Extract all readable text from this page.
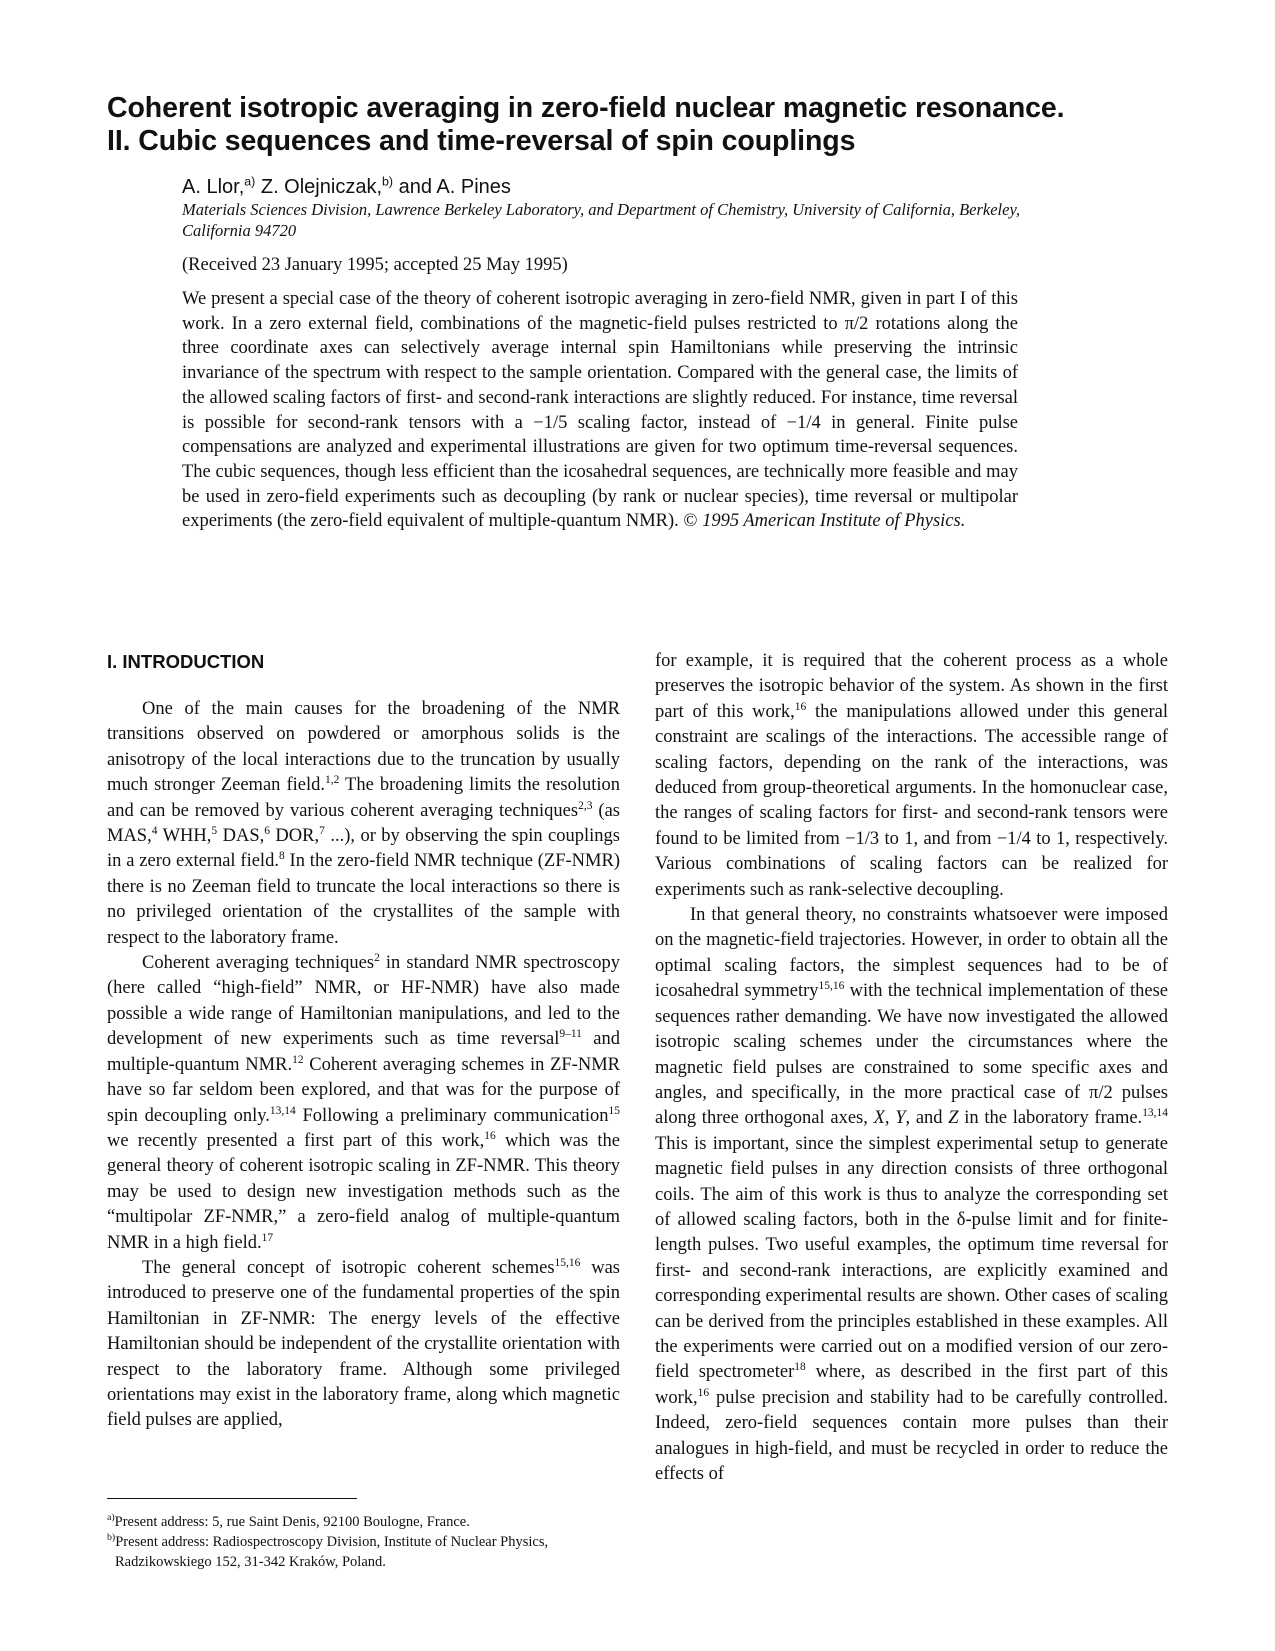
Coherent isotropic averaging in zero-field nuclear magnetic resonance.
II. Cubic sequences and time-reversal of spin couplings
A. Llor,$^{a)}$ Z. Olejniczak,$^{b)}$ and A. Pines
Materials Sciences Division, Lawrence Berkeley Laboratory, and Department of Chemistry, University of California, Berkeley, California 94720
(Received 23 January 1995; accepted 25 May 1995)

We present a special case of the theory of coherent isotropic averaging in zero-field NMR, given in part I of this work. In a zero external field, combinations of the magnetic-field pulses restricted to π/2 rotations along the three coordinate axes can selectively average internal spin Hamiltonians while preserving the intrinsic invariance of the spectrum with respect to the sample orientation. Compared with the general case, the limits of the allowed scaling factors of first- and second-rank interactions are slightly reduced. For instance, time reversal is possible for second-rank tensors with a −1/5 scaling factor, instead of −1/4 in general. Finite pulse compensations are analyzed and experimental illustrations are given for two optimum time-reversal sequences. The cubic sequences, though less efficient than the icosahedral sequences, are technically more feasible and may be used in zero-field experiments such as decoupling (by rank or nuclear species), time reversal or multipolar experiments (the zero-field equivalent of multiple-quantum NMR). © 1995 American Institute of Physics.

I. INTRODUCTION

One of the main causes for the broadening of the NMR transitions observed on powdered or amorphous solids is the anisotropy of the local interactions due to the truncation by usually much stronger Zeeman field.$^{1,2}$ The broadening limits the resolution and can be removed by various coherent averaging techniques$^{2,3}$ (as MAS,$^4$ WHH,$^5$ DAS,$^6$ DOR,$^7$ ...), or by observing the spin couplings in a zero external field.$^8$ In the zero-field NMR technique (ZF-NMR) there is no Zeeman field to truncate the local interactions so there is no privileged orientation of the crystallites of the sample with respect to the laboratory frame.

Coherent averaging techniques$^2$ in standard NMR spectroscopy (here called “high-field” NMR, or HF-NMR) have also made possible a wide range of Hamiltonian manipulations, and led to the development of new experiments such as time reversal$^{9-11}$ and multiple-quantum NMR.$^{12}$ Coherent averaging schemes in ZF-NMR have so far seldom been explored, and that was for the purpose of spin decoupling only.$^{13,14}$ Following a preliminary communication$^{15}$ we recently presented a first part of this work,$^{16}$ which was the general theory of coherent isotropic scaling in ZF-NMR. This theory may be used to design new investigation methods such as the “multipolar ZF-NMR,” a zero-field analog of multiple-quantum NMR in a high field.$^{17}$

The general concept of isotropic coherent schemes$^{15,16}$ was introduced to preserve one of the fundamental properties of the spin Hamiltonian in ZF-NMR: The energy levels of the effective Hamiltonian should be independent of the crystallite orientation with respect to the laboratory frame. Although some privileged orientations may exist in the laboratory frame, along which magnetic field pulses are applied,

for example, it is required that the coherent process as a whole preserves the isotropic behavior of the system. As shown in the first part of this work,$^{16}$ the manipulations allowed under this general constraint are scalings of the interactions. The accessible range of scaling factors, depending on the rank of the interactions, was deduced from group-theoretical arguments. In the homonuclear case, the ranges of scaling factors for first- and second-rank tensors were found to be limited from −1/3 to 1, and from −1/4 to 1, respectively. Various combinations of scaling factors can be realized for experiments such as rank-selective decoupling.

In that general theory, no constraints whatsoever were imposed on the magnetic-field trajectories. However, in order to obtain all the optimal scaling factors, the simplest sequences had to be of icosahedral symmetry$^{15,16}$ with the technical implementation of these sequences rather demanding. We have now investigated the allowed isotropic scaling schemes under the circumstances where the magnetic field pulses are constrained to some specific axes and angles, and specifically, in the more practical case of π/2 pulses along three orthogonal axes, X, Y, and Z in the laboratory frame.$^{13,14}$ This is important, since the simplest experimental setup to generate magnetic field pulses in any direction consists of three orthogonal coils. The aim of this work is thus to analyze the corresponding set of allowed scaling factors, both in the δ-pulse limit and for finite-length pulses. Two useful examples, the optimum time reversal for first- and second-rank interactions, are explicitly examined and corresponding experimental results are shown. Other cases of scaling can be derived from the principles established in these examples. All the experiments were carried out on a modified version of our zero-field spectrometer$^{18}$ where, as described in the first part of this work,$^{16}$ pulse precision and stability had to be carefully controlled. Indeed, zero-field sequences contain more pulses than their analogues in high-field, and must be recycled in order to reduce the effects of

$^{a)}$Present address: 5, rue Saint Denis, 92100 Boulogne, France.
$^{b)}$Present address: Radiospectroscopy Division, Institute of Nuclear Physics,
Radzikowskiego 152, 31-342 Kraków, Poland.
